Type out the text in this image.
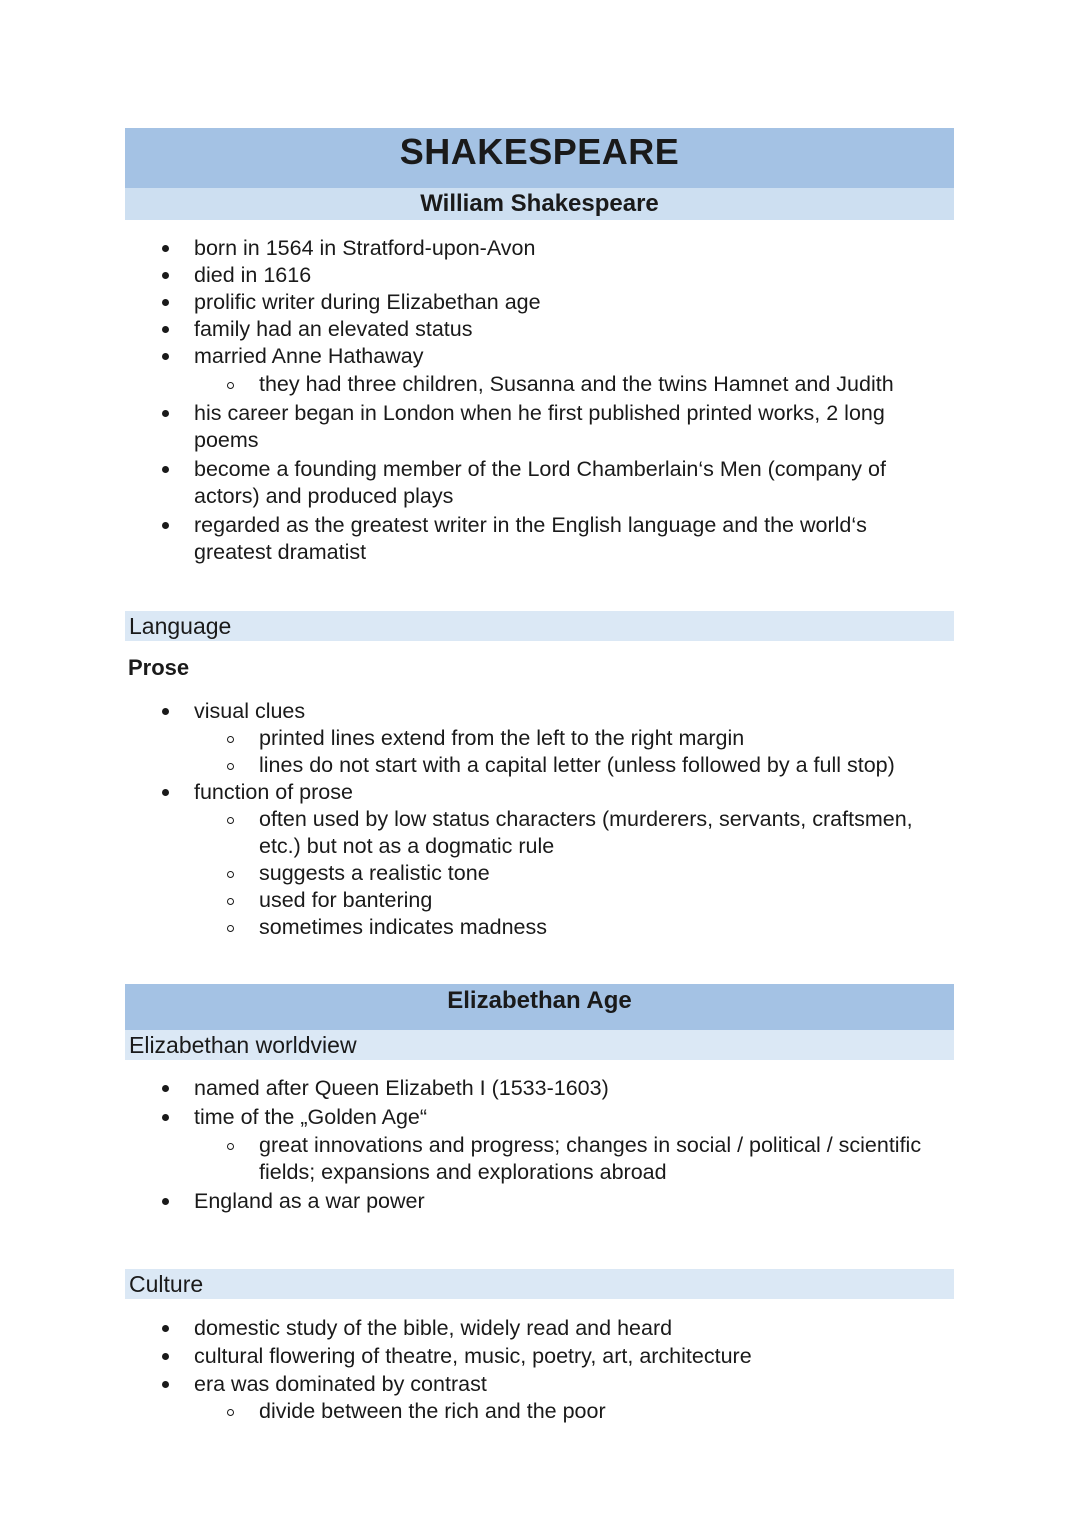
SHAKESPEARE
William Shakespeare
born in 1564 in Stratford-upon-Avon
died in 1616
prolific writer during Elizabethan age
family had an elevated status
married Anne Hathaway
they had three children, Susanna and the twins Hamnet and Judith
his career began in London when he first published printed works, 2 long poems
become a founding member of the Lord Chamberlain‘s Men (company of actors) and produced plays
regarded as the greatest writer in the English language and the world‘s greatest dramatist
Language
Prose
visual clues
printed lines extend from the left to the right margin
lines do not start with a capital letter (unless followed by a full stop)
function of prose
often used by low status characters (murderers, servants, craftsmen, etc.) but not as a dogmatic rule
suggests a realistic tone
used for bantering
sometimes indicates madness
Elizabethan Age
Elizabethan worldview
named after Queen Elizabeth I (1533-1603)
time of the „Golden Age“
great innovations and progress; changes in social / political / scientific fields; expansions and explorations abroad
England as a war power
Culture
domestic study of the bible, widely read and heard
cultural flowering of theatre, music, poetry, art, architecture
era was dominated by contrast
divide between the rich and the poor
